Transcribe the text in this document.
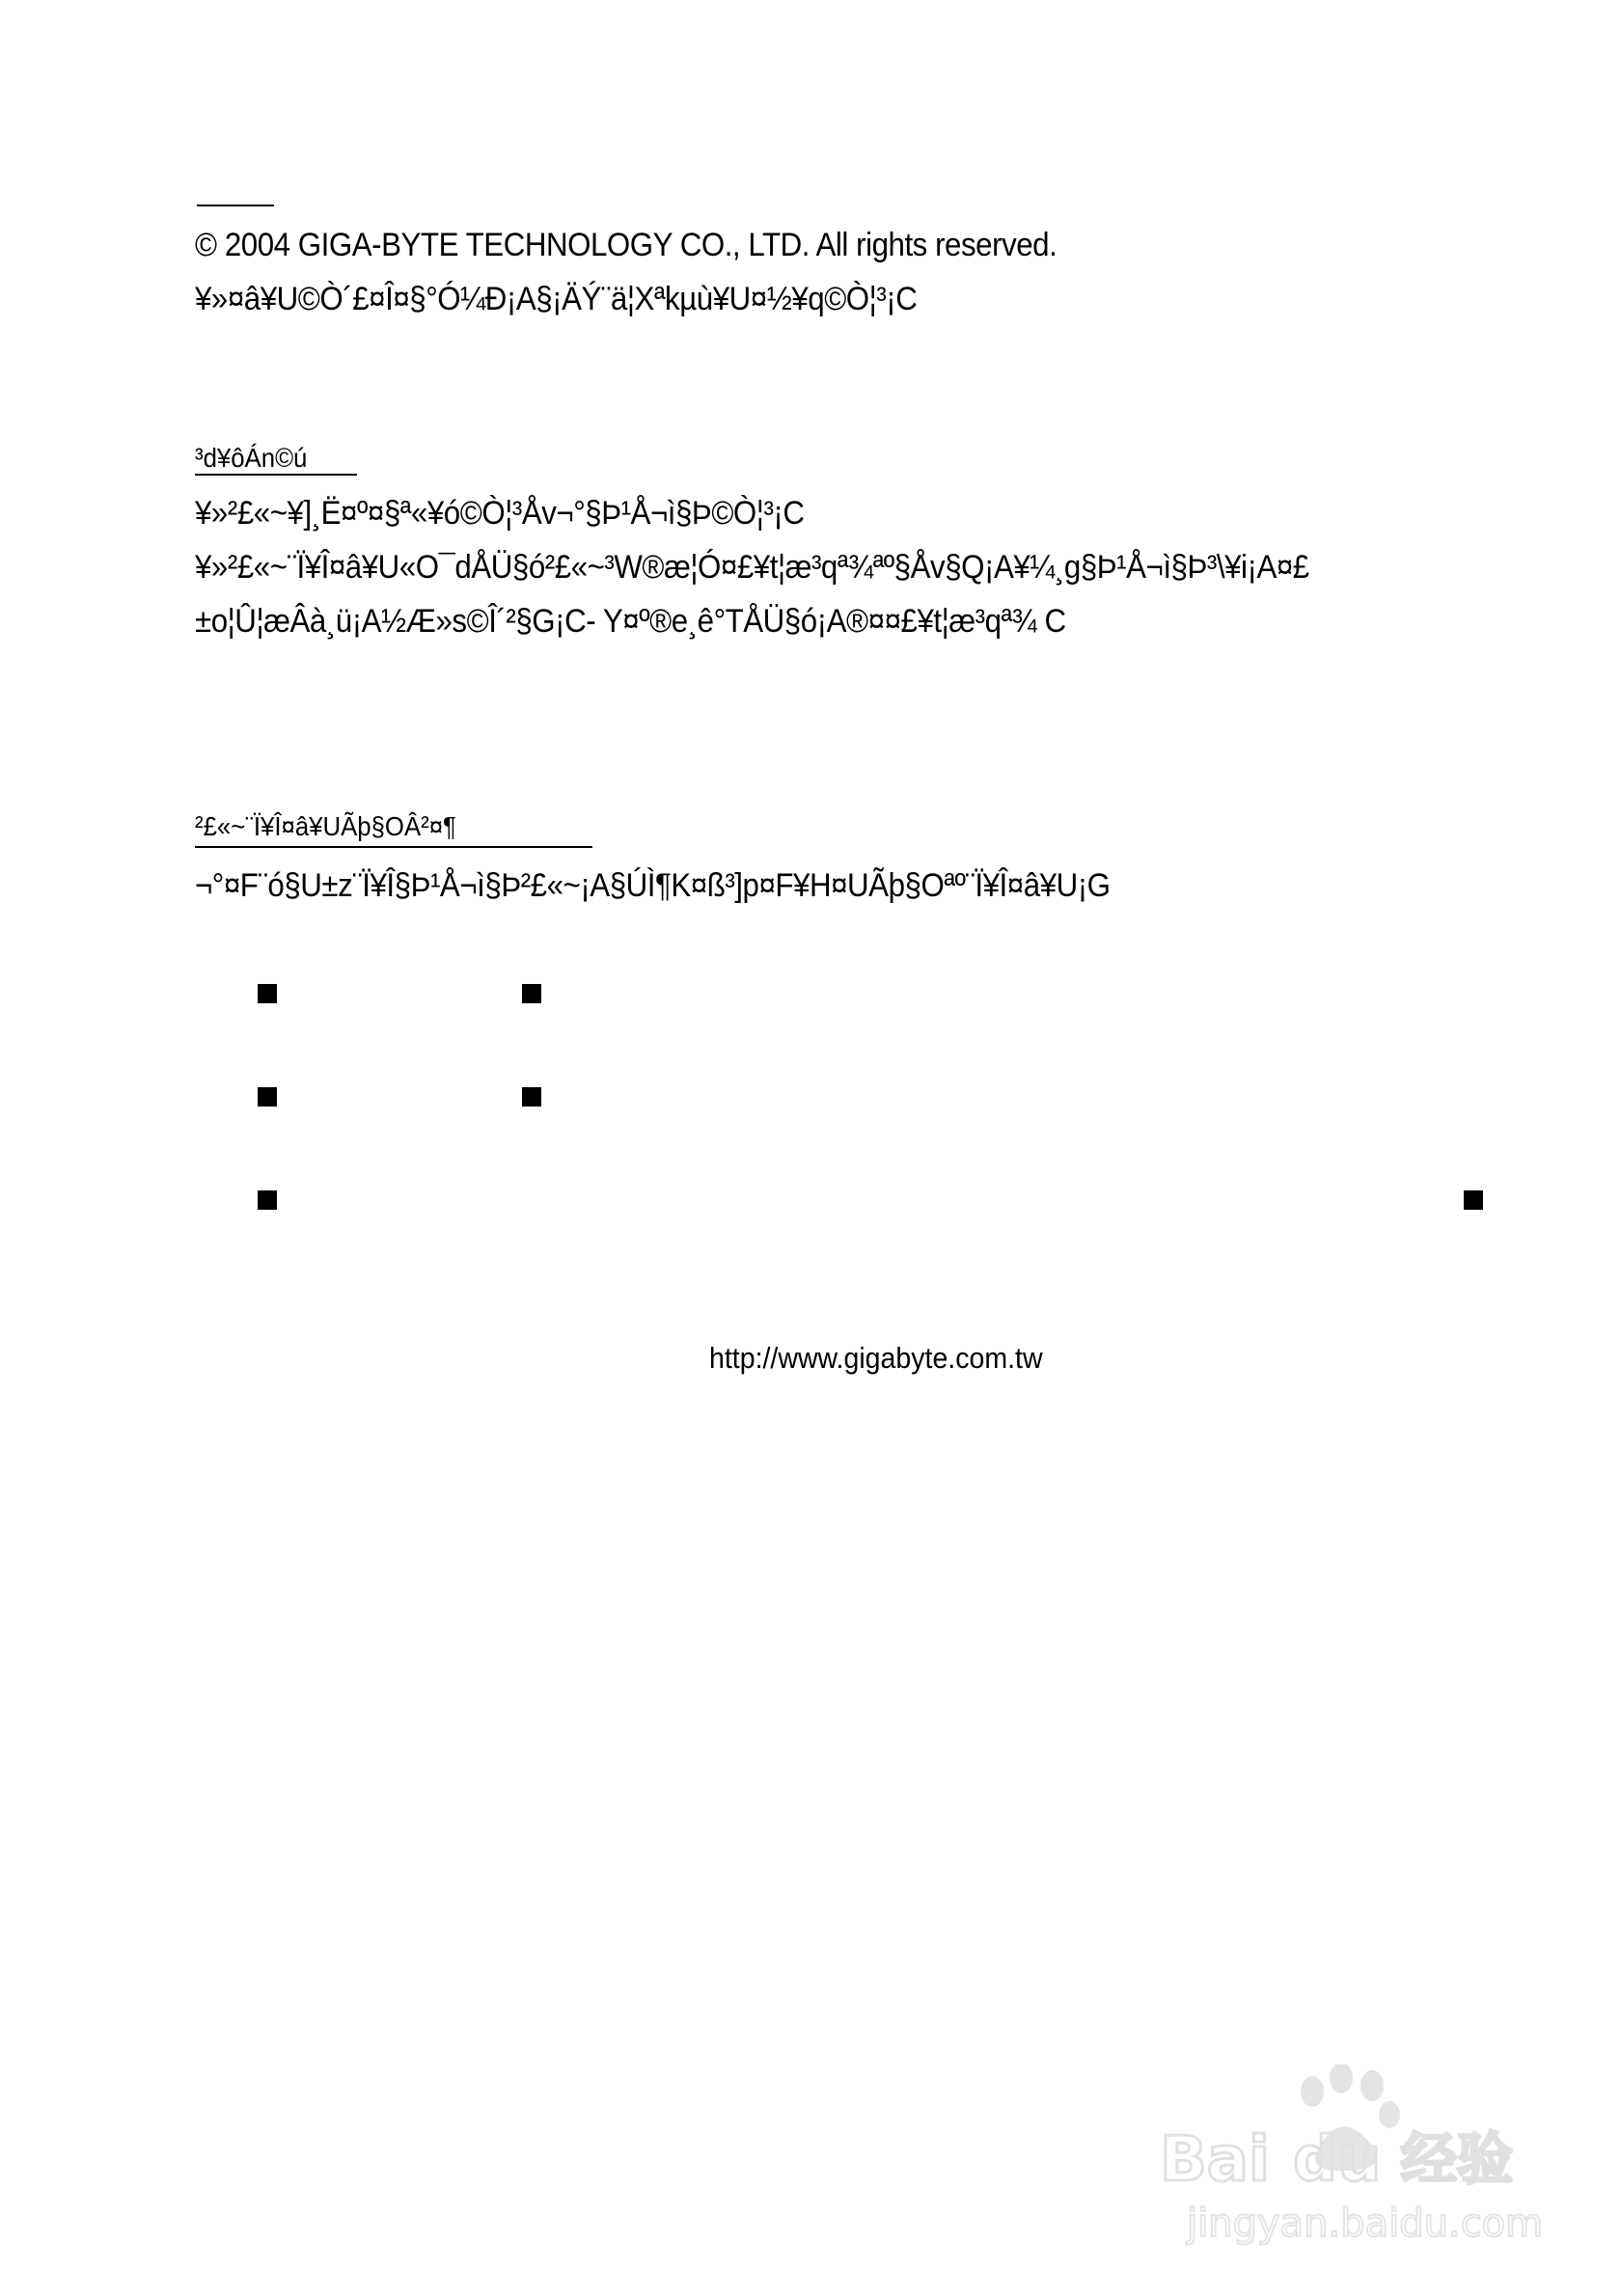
© 2004 GIGA-BYTE TECHNOLOGY CO., LTD. All rights reserved.
¥»¤â¥U©Ò´£¤Î¤§°Ó¼Ð¡A§¡ÄÝ¨ä¦Xªkµù¥U¤½¥q©Ò¦³¡C
³d¥ôÁn©ú
¥»²£«~¥]¸Ë¤º¤§ª«¥ó©Ò¦³Åv¬°§Þ¹Å¬ì§Þ©Ò¦³¡C
¥»²£«~¨Ï¥Î¤â¥U«O¯dÅÜ§ó²£«~³W®æ¦Ó¤£¥t¦æ³qª¾ªº§Åv§Q¡A¥¼¸g§Þ¹Å¬ì§Þ³\¥i¡A¤£
±o¦Û¦æÂà¸ü¡A½Æ»s©Î´²§G¡C- Y¤º®e¸ê°TÅÜ§ó¡A®¤¤£¥t¦æ³qª¾ C
²£«~¨Ï¥Î¤â¥UÃþ§OÂ²¤¶
¬°¤F¨ó§U±z¨Ï¥Î§Þ¹Å¬ì§Þ²£«~¡A§ÚÌ¶K¤ß³]p¤F¥H¤UÃþ§Oªº¨Ï¥Î¤â¥U¡G
http://www.gigabyte.com.tw
Bai du 经验
jingyan.baidu.com
